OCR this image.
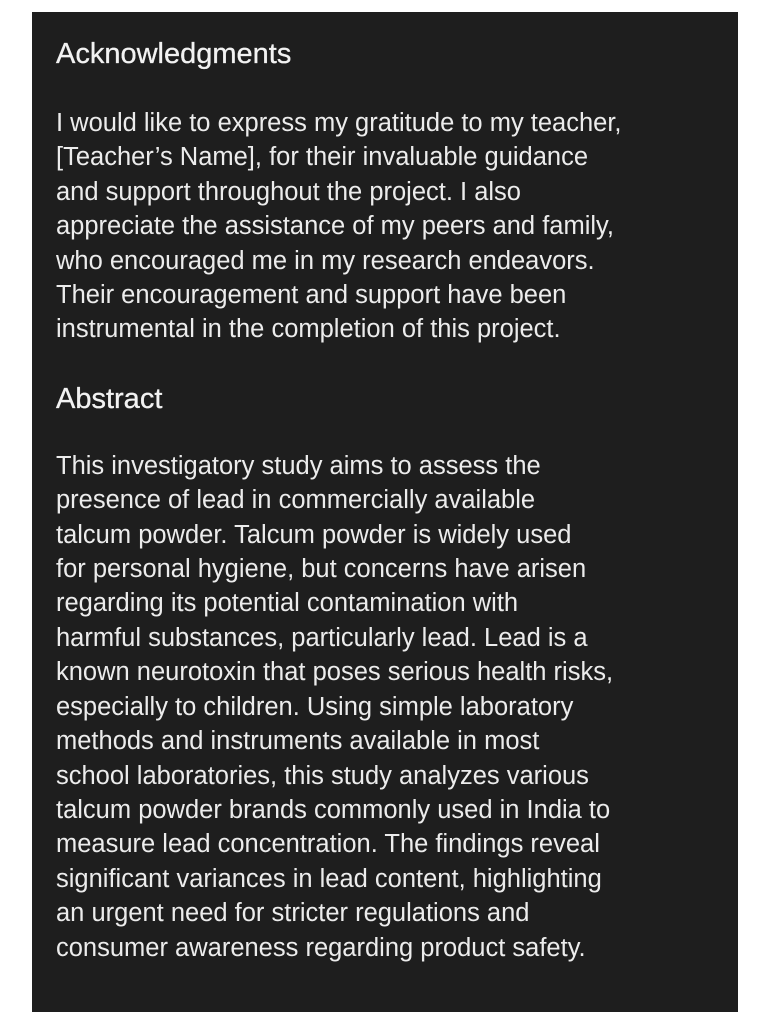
Acknowledgments

I would like to express my gratitude to my teacher,
[Teacher’s Name], for their invaluable guidance
and support throughout the project. I also
appreciate the assistance of my peers and family,
who encouraged me in my research endeavors.
Their encouragement and support have been
instrumental in the completion of this project.

Abstract

This investigatory study aims to assess the
presence of lead in commercially available
talcum powder. Talcum powder is widely used
for personal hygiene, but concerns have arisen
regarding its potential contamination with
harmful substances, particularly lead. Lead is a
known neurotoxin that poses serious health risks,
especially to children. Using simple laboratory
methods and instruments available in most
school laboratories, this study analyzes various
talcum powder brands commonly used in India to
measure lead concentration. The findings reveal
significant variances in lead content, highlighting
an urgent need for stricter regulations and
consumer awareness regarding product safety.
